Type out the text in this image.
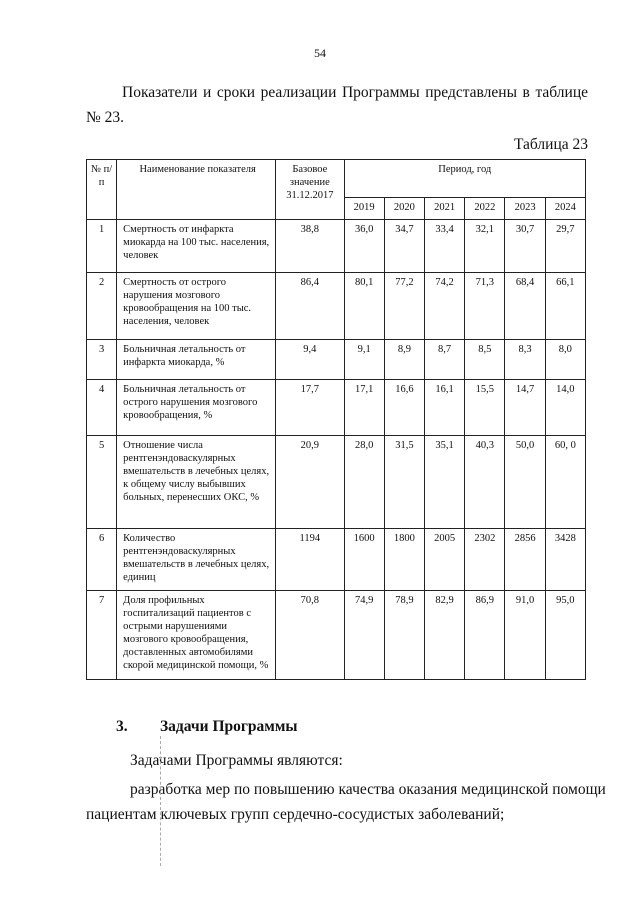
54
Показатели и сроки реализации Программы представлены в таблице
№ 23.
Таблица 23
№ п/п	Наименование показателя	Базовое значение 31.12.2017	Период, год					
			2019	2020	2021	2022	2023	2024
1	Смертность от инфаркта миокарда на 100 тыс. населения, человек	38,8	36,0	34,7	33,4	32,1	30,7	29,7
2	Смертность от острого нарушения мозгового кровообращения на 100 тыс. населения, человек	86,4	80,1	77,2	74,2	71,3	68,4	66,1
3	Больничная летальность от инфаркта миокарда, %	9,4	9,1	8,9	8,7	8,5	8,3	8,0
4	Больничная летальность от острого нарушения мозгового кровообращения, %	17,7	17,1	16,6	16,1	15,5	14,7	14,0
5	Отношение числа рентгенэндоваскулярных вмешательств в лечебных целях, к общему числу выбывших больных, перенесших ОКС, %	20,9	28,0	31,5	35,1	40,3	50,0	60, 0
6	Количество рентгенэндоваскулярных вмешательств в лечебных целях, единиц	1194	1600	1800	2005	2302	2856	3428
7	Доля профильных госпитализаций пациентов с острыми нарушениями мозгового кровообращения, доставленных автомобилями скорой медицинской помощи, %	70,8	74,9	78,9	82,9	86,9	91,0	95,0
3. Задачи Программы
Задачами Программы являются:
разработка мер по повышению качества оказания медицинской помощи
пациентам ключевых групп сердечно-сосудистых заболеваний;
